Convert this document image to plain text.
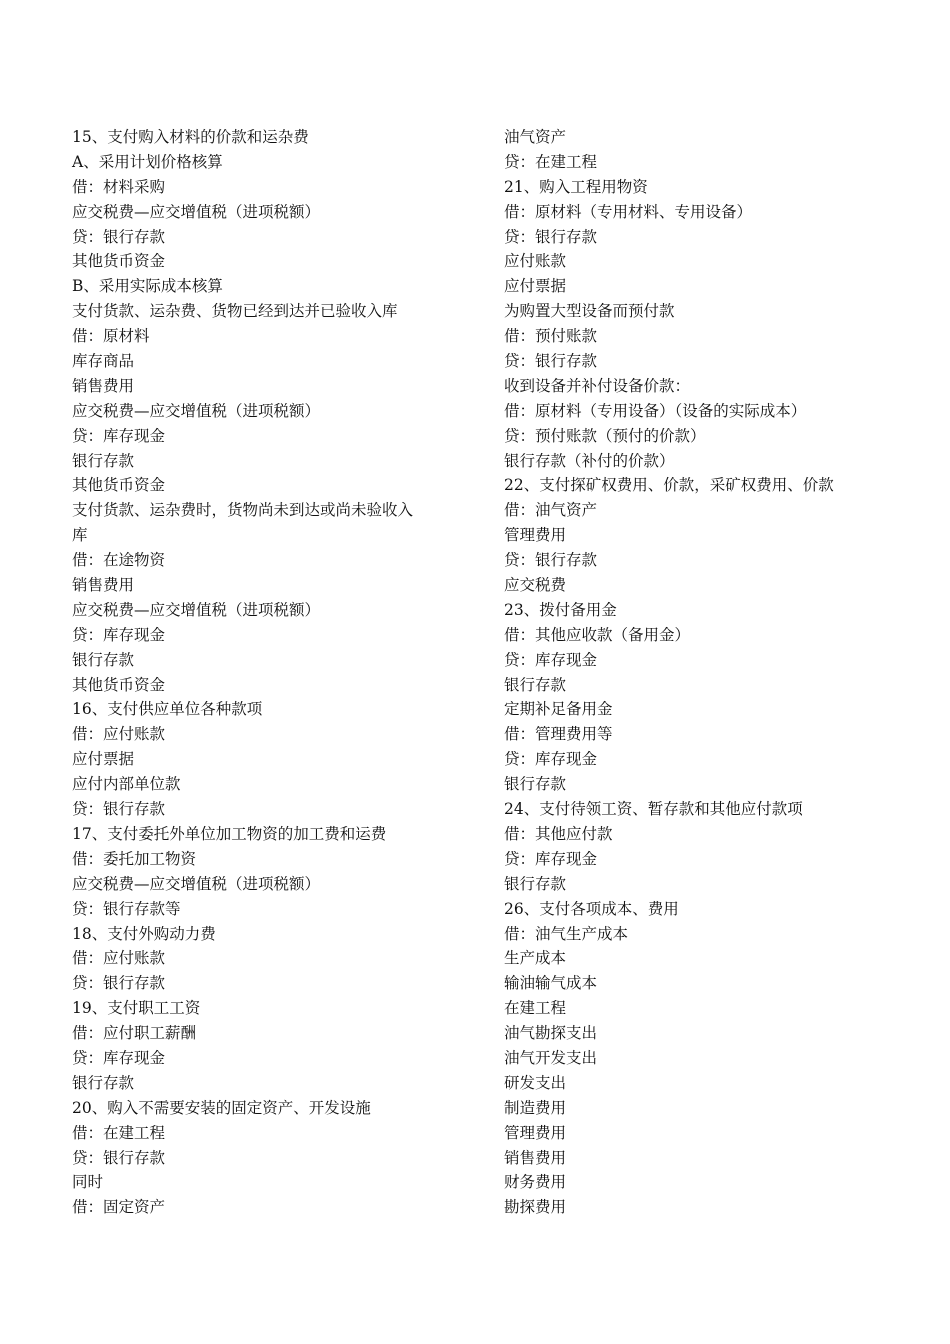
15、支付购入材料的价款和运杂费

A、采用计划价格核算

借：材料采购

应交税费—应交增值税（进项税额）

贷：银行存款

其他货币资金

B、采用实际成本核算

支付货款、运杂费、货物已经到达并已验收入库

借：原材料

库存商品

销售费用

应交税费—应交增值税（进项税额）

贷：库存现金

银行存款

其他货币资金

支付货款、运杂费时，货物尚未到达或尚未验收入

库

借：在途物资

销售费用

应交税费—应交增值税（进项税额）

贷：库存现金

银行存款

其他货币资金

16、支付供应单位各种款项

借：应付账款

应付票据

应付内部单位款

贷：银行存款

17、支付委托外单位加工物资的加工费和运费

借：委托加工物资

应交税费—应交增值税（进项税额）

贷：银行存款等

18、支付外购动力费

借：应付账款

贷：银行存款

19、支付职工工资

借：应付职工薪酬

贷：库存现金

银行存款

20、购入不需要安装的固定资产、开发设施

借：在建工程

贷：银行存款

同时

借：固定资产

油气资产

贷：在建工程

21、购入工程用物资

借：原材料（专用材料、专用设备）

贷：银行存款

应付账款

应付票据

为购置大型设备而预付款

借：预付账款

贷：银行存款

收到设备并补付设备价款：

借：原材料（专用设备）（设备的实际成本）

贷：预付账款（预付的价款）

银行存款（补付的价款）

22、支付探矿权费用、价款，采矿权费用、价款

借：油气资产

管理费用

贷：银行存款

应交税费

23、拨付备用金

借：其他应收款（备用金）

贷：库存现金

银行存款

定期补足备用金

借：管理费用等

贷：库存现金

银行存款

24、支付待领工资、暂存款和其他应付款项

借：其他应付款

贷：库存现金

银行存款

26、支付各项成本、费用

借：油气生产成本

生产成本

输油输气成本

在建工程

油气勘探支出

油气开发支出

研发支出

制造费用

管理费用

销售费用

财务费用

勘探费用
